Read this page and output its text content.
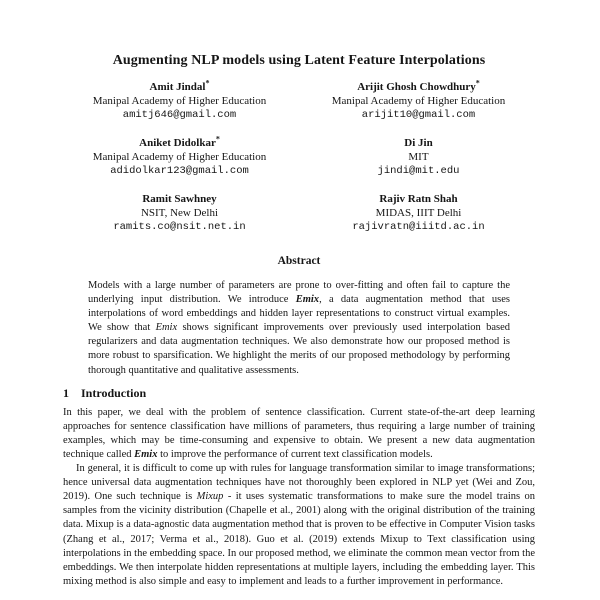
Augmenting NLP models using Latent Feature Interpolations
Amit Jindal*
Manipal Academy of Higher Education
amitj646@gmail.com
Arijit Ghosh Chowdhury*
Manipal Academy of Higher Education
arijit10@gmail.com
Aniket Didolkar*
Manipal Academy of Higher Education
adidolkar123@gmail.com
Di Jin
MIT
jindi@mit.edu
Ramit Sawhney
NSIT, New Delhi
ramits.co@nsit.net.in
Rajiv Ratn Shah
MIDAS, IIIT Delhi
rajivratn@iiitd.ac.in
Abstract

Models with a large number of parameters are prone to over-fitting and often fail to capture the underlying input distribution. We introduce Emix, a data augmentation method that uses interpolations of word embeddings and hidden layer representations to construct virtual examples. We show that Emix shows significant improvements over previously used interpolation based regularizers and data augmentation techniques. We also demonstrate how our proposed method is more robust to sparsification. We highlight the merits of our proposed methodology by performing thorough quantitative and qualitative assessments.

1 Introduction

In this paper, we deal with the problem of sentence classification. Current state-of-the-art deep learning approaches for sentence classification have millions of parameters, thus requiring a large number of training examples, which may be time-consuming and expensive to obtain. We present a new data augmentation technique called Emix to improve the performance of current text classification models.

In general, it is difficult to come up with rules for language transformation similar to image transformations; hence universal data augmentation techniques have not thoroughly been explored in NLP yet (Wei and Zou, 2019). One such technique is Mixup - it uses systematic transformations to make sure the model trains on samples from the vicinity distribution (Chapelle et al., 2001) along with the original distribution of the training data. Mixup is a data-agnostic data augmentation method that is proven to be effective in Computer Vision tasks (Zhang et al., 2017; Verma et al., 2018). Guo et al. (2019) extends Mixup to Text classification using interpolations in the embedding space. In our proposed method, we eliminate the common mean vector from the embeddings. We then interpolate hidden representations at multiple layers, including the embedding layer. This mixing method is also simple and easy to implement and leads to a further improvement in performance.
